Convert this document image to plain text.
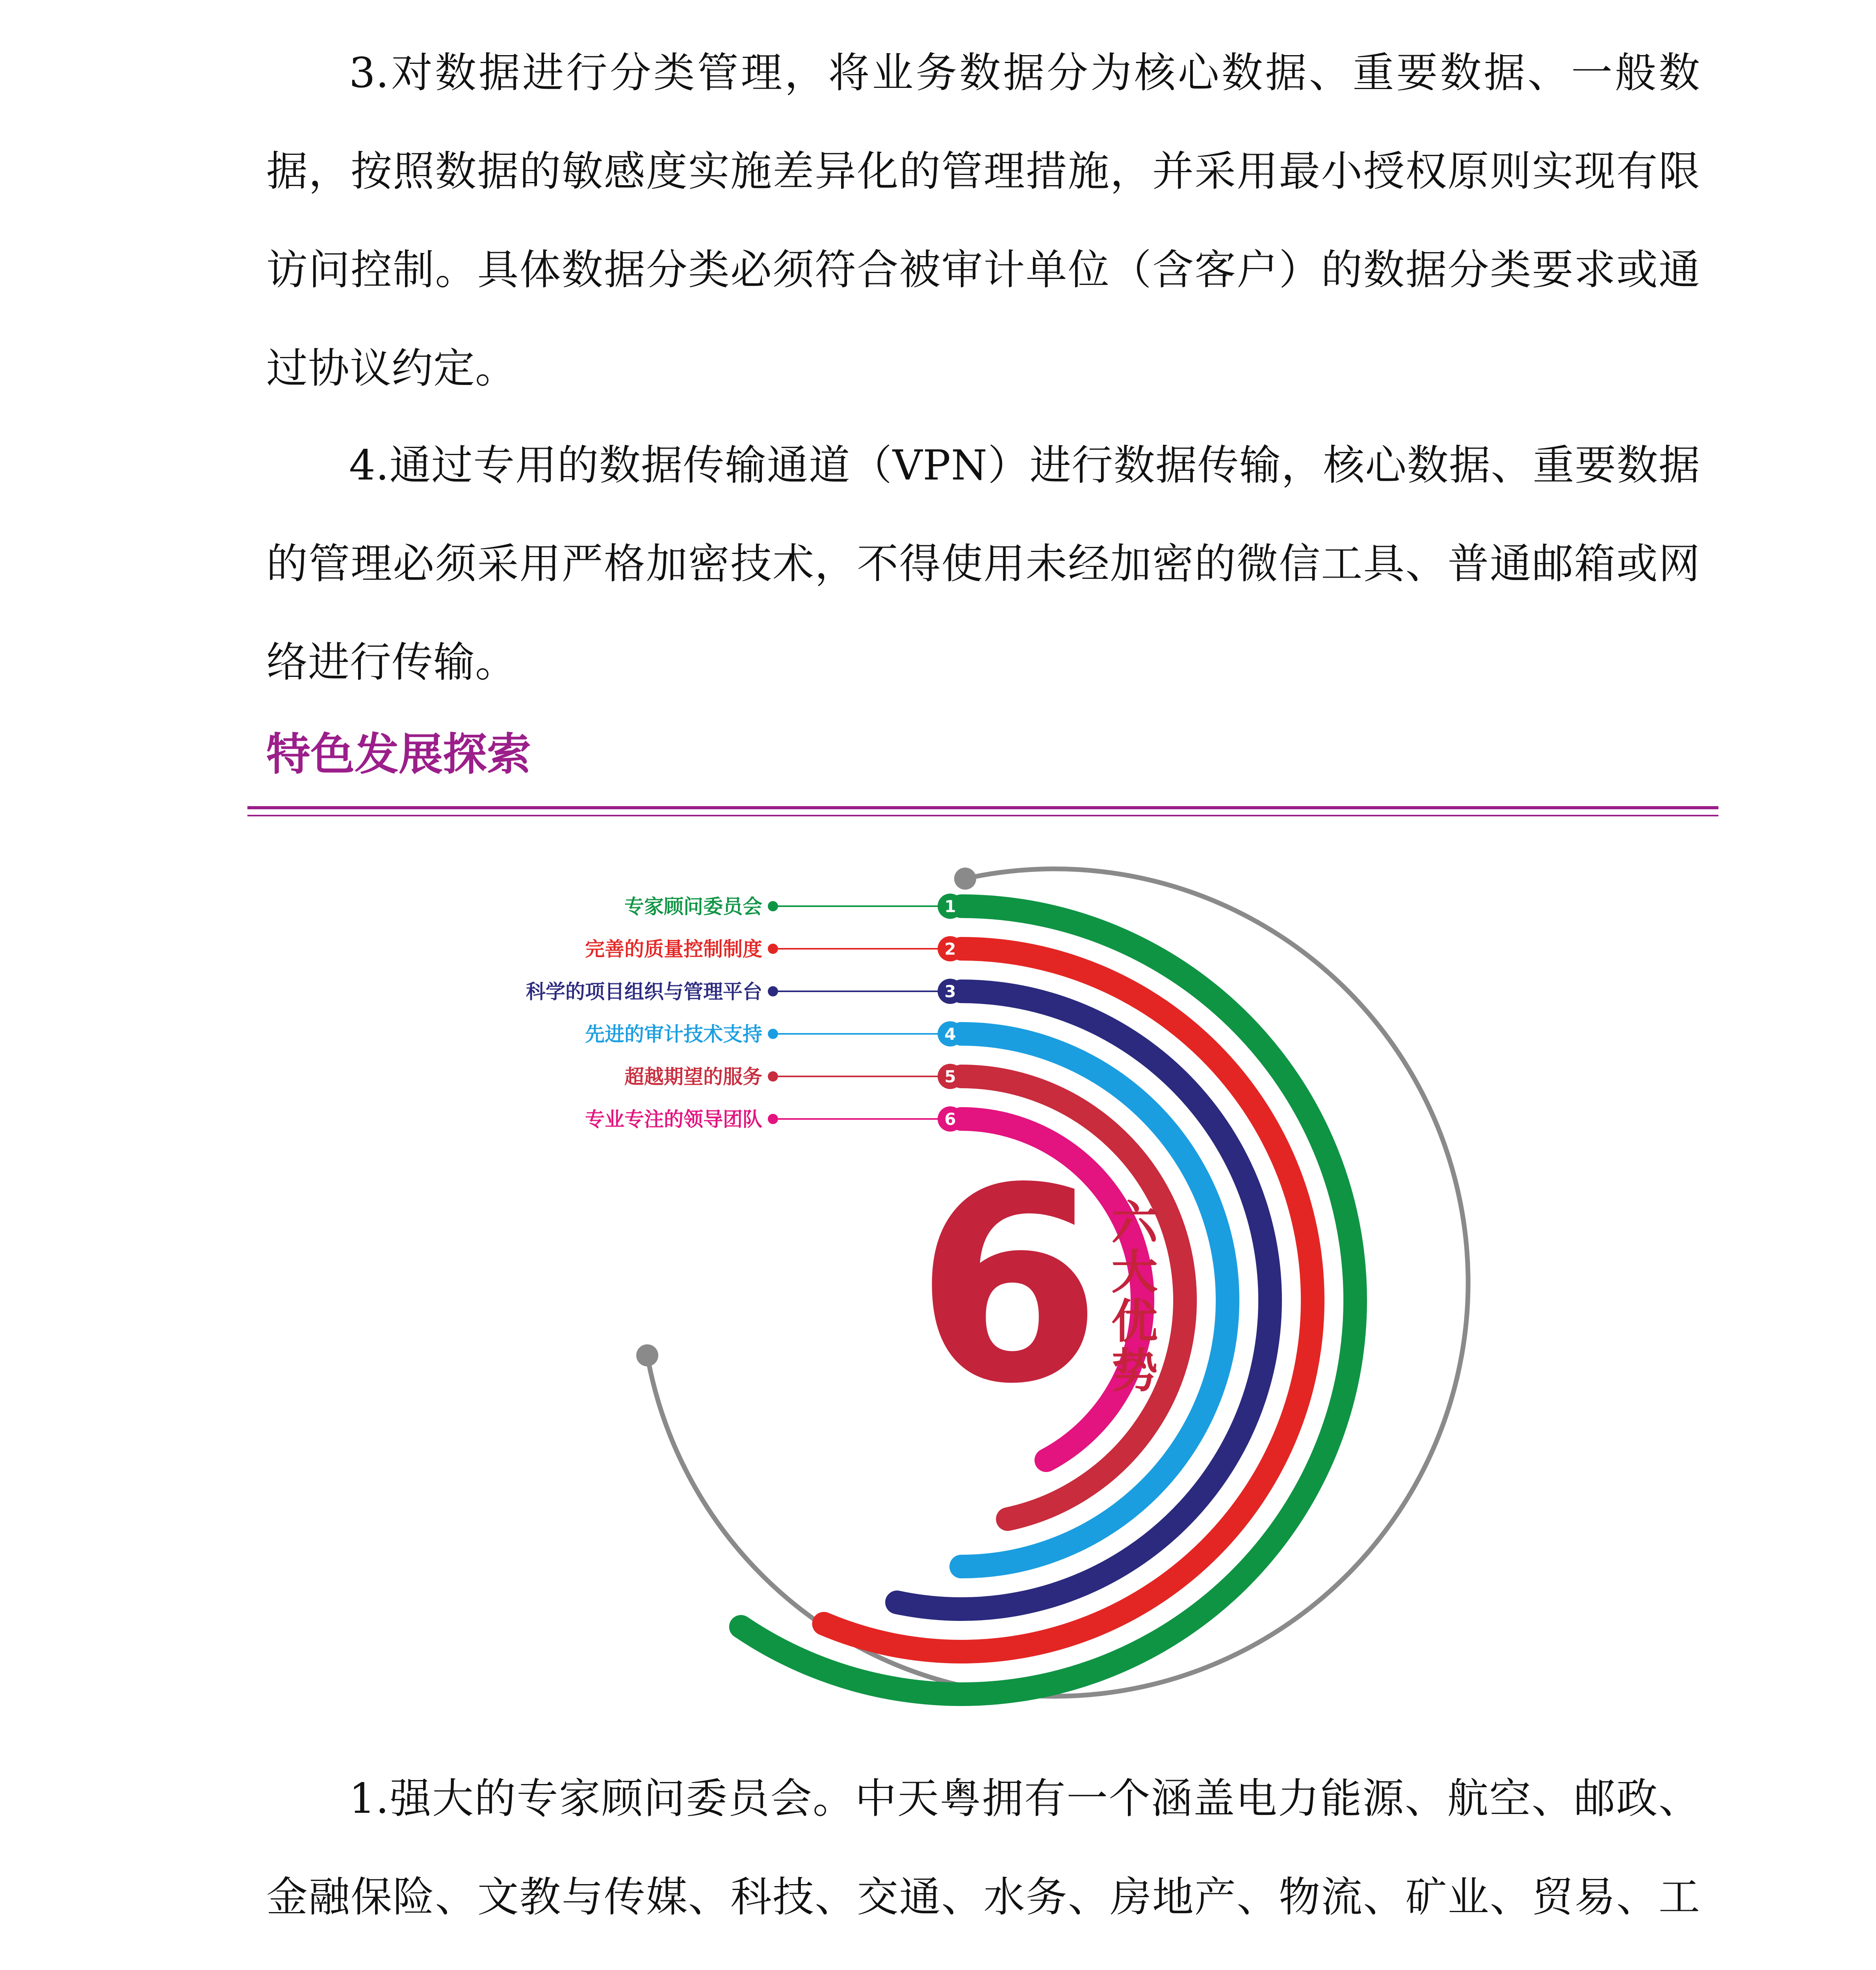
3.对数据进行分类管理，将业务数据分为核心数据、重要数据、一般数据，按照数据的敏感度实施差异化的管理措施，并采用最小授权原则实现有限访问控制。具体数据分类必须符合被审计单位（含客户）的数据分类要求或通过协议约定。

4.通过专用的数据传输通道（VPN）进行数据传输，核心数据、重要数据的管理必须采用严格加密技术，不得使用未经加密的微信工具、普通邮箱或网络进行传输。

特色发展探索
1
专家顾问委员会
2
完善的质量控制制度
3
科学的项目组织与管理平台
4
先进的审计技术支持
5
超越期望的服务
6
专业专注的领导团队
6 六
大
优
势

1.强大的专家顾问委员会。中天粤拥有一个涵盖电力能源、航空、邮政、金融保险、文教与传媒、科技、交通、水务、房地产、物流、矿业、贸易、工
